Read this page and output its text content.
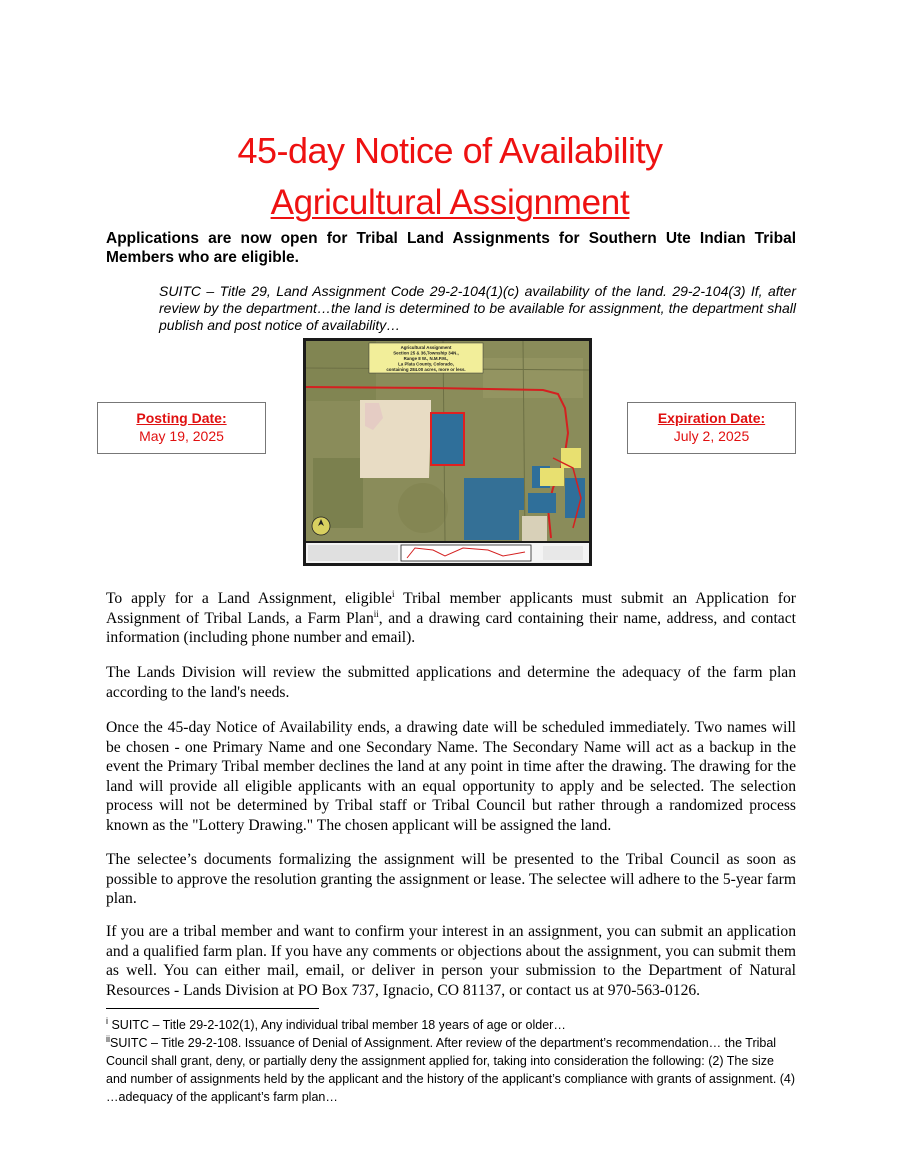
45-day Notice of Availability
Agricultural Assignment
Applications are now open for Tribal Land Assignments for Southern Ute Indian Tribal Members who are eligible.
SUITC – Title 29, Land Assignment Code 29-2-104(1)(c) availability of the land. 29-2-104(3) If, after review by the department…the land is determined to be available for assignment, the department shall publish and post notice of availability…
Posting Date:
May 19, 2025
Expiration Date:
July 2, 2025
Agricultural Assignment
Section 25 & 36,Township 34N.,
Range 8 W., N.M.P.M.,
La Plata County, Colorado,
containing 284.00 acres, more or less.
To apply for a Land Assignment, eligible$^i$ Tribal member applicants must submit an Application for Assignment of Tribal Lands, a Farm Plan$^{ii}$, and a drawing card containing their name, address, and contact information (including phone number and email).
The Lands Division will review the submitted applications and determine the adequacy of the farm plan according to the land's needs.
Once the 45-day Notice of Availability ends, a drawing date will be scheduled immediately. Two names will be chosen - one Primary Name and one Secondary Name. The Secondary Name will act as a backup in the event the Primary Tribal member declines the land at any point in time after the drawing. The drawing for the land will provide all eligible applicants with an equal opportunity to apply and be selected. The selection process will not be determined by Tribal staff or Tribal Council but rather through a randomized process known as the "Lottery Drawing." The chosen applicant will be assigned the land.
The selectee’s documents formalizing the assignment will be presented to the Tribal Council as soon as possible to approve the resolution granting the assignment or lease. The selectee will adhere to the 5-year farm plan.
If you are a tribal member and want to confirm your interest in an assignment, you can submit an application and a qualified farm plan. If you have any comments or objections about the assignment, you can submit them as well. You can either mail, email, or deliver in person your submission to the Department of Natural Resources - Lands Division at PO Box 737, Ignacio, CO 81137, or contact us at 970-563-0126.
$^i$ SUITC – Title 29-2-102(1), Any individual tribal member 18 years of age or older…
$^{ii}$SUITC – Title 29-2-108. Issuance of Denial of Assignment. After review of the department’s recommendation… the Tribal Council shall grant, deny, or partially deny the assignment applied for, taking into consideration the following: (2) The size and number of assignments held by the applicant and the history of the applicant’s compliance with grants of assignment. (4) …adequacy of the applicant’s farm plan…
